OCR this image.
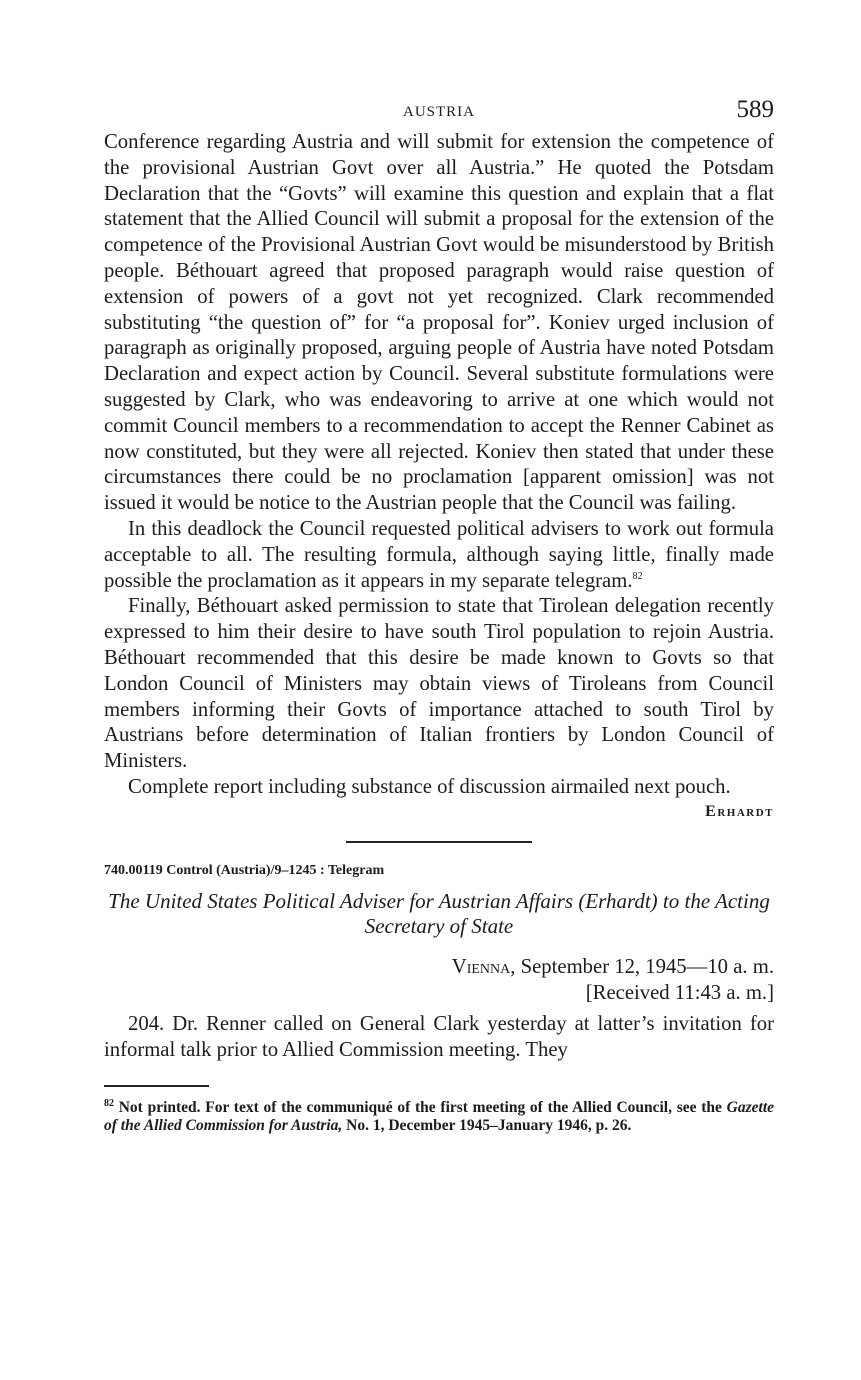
AUSTRIA	589

Conference regarding Austria and will submit for extension the competence of the provisional Austrian Govt over all Austria.” He quoted the Potsdam Declaration that the “Govts” will examine this question and explain that a flat statement that the Allied Council will submit a proposal for the extension of the competence of the Provisional Austrian Govt would be misunderstood by British people. Béthouart agreed that proposed paragraph would raise question of extension of powers of a govt not yet recognized. Clark recommended substituting “the question of” for “a proposal for”. Koniev urged inclusion of paragraph as originally proposed, arguing people of Austria have noted Potsdam Declaration and expect action by Council. Several substitute formulations were suggested by Clark, who was endeavoring to arrive at one which would not commit Council members to a recommendation to accept the Renner Cabinet as now constituted, but they were all rejected. Koniev then stated that under these circumstances there could be no proclamation [apparent omission] was not issued it would be notice to the Austrian people that the Council was failing.

In this deadlock the Council requested political advisers to work out formula acceptable to all. The resulting formula, although saying little, finally made possible the proclamation as it appears in my separate telegram.$^{82}$

Finally, Béthouart asked permission to state that Tirolean delegation recently expressed to him their desire to have south Tirol population to rejoin Austria. Béthouart recommended that this desire be made known to Govts so that London Council of Ministers may obtain views of Tiroleans from Council members informing their Govts of importance attached to south Tirol by Austrians before determination of Italian frontiers by London Council of Ministers.

Complete report including substance of discussion airmailed next pouch.

Erhardt
740.00119 Control (Austria)/9–1245 : Telegram
The United States Political Adviser for Austrian Affairs (Erhardt) to the Acting Secretary of State
Vienna, September 12, 1945—10 a. m.
[Received 11:43 a. m.]

204. Dr. Renner called on General Clark yesterday at latter’s invitation for informal talk prior to Allied Commission meeting. They

$^{82}$ Not printed. For text of the communiqué of the first meeting of the Allied Council, see the Gazette of the Allied Commission for Austria, No. 1, December 1945–January 1946, p. 26.
